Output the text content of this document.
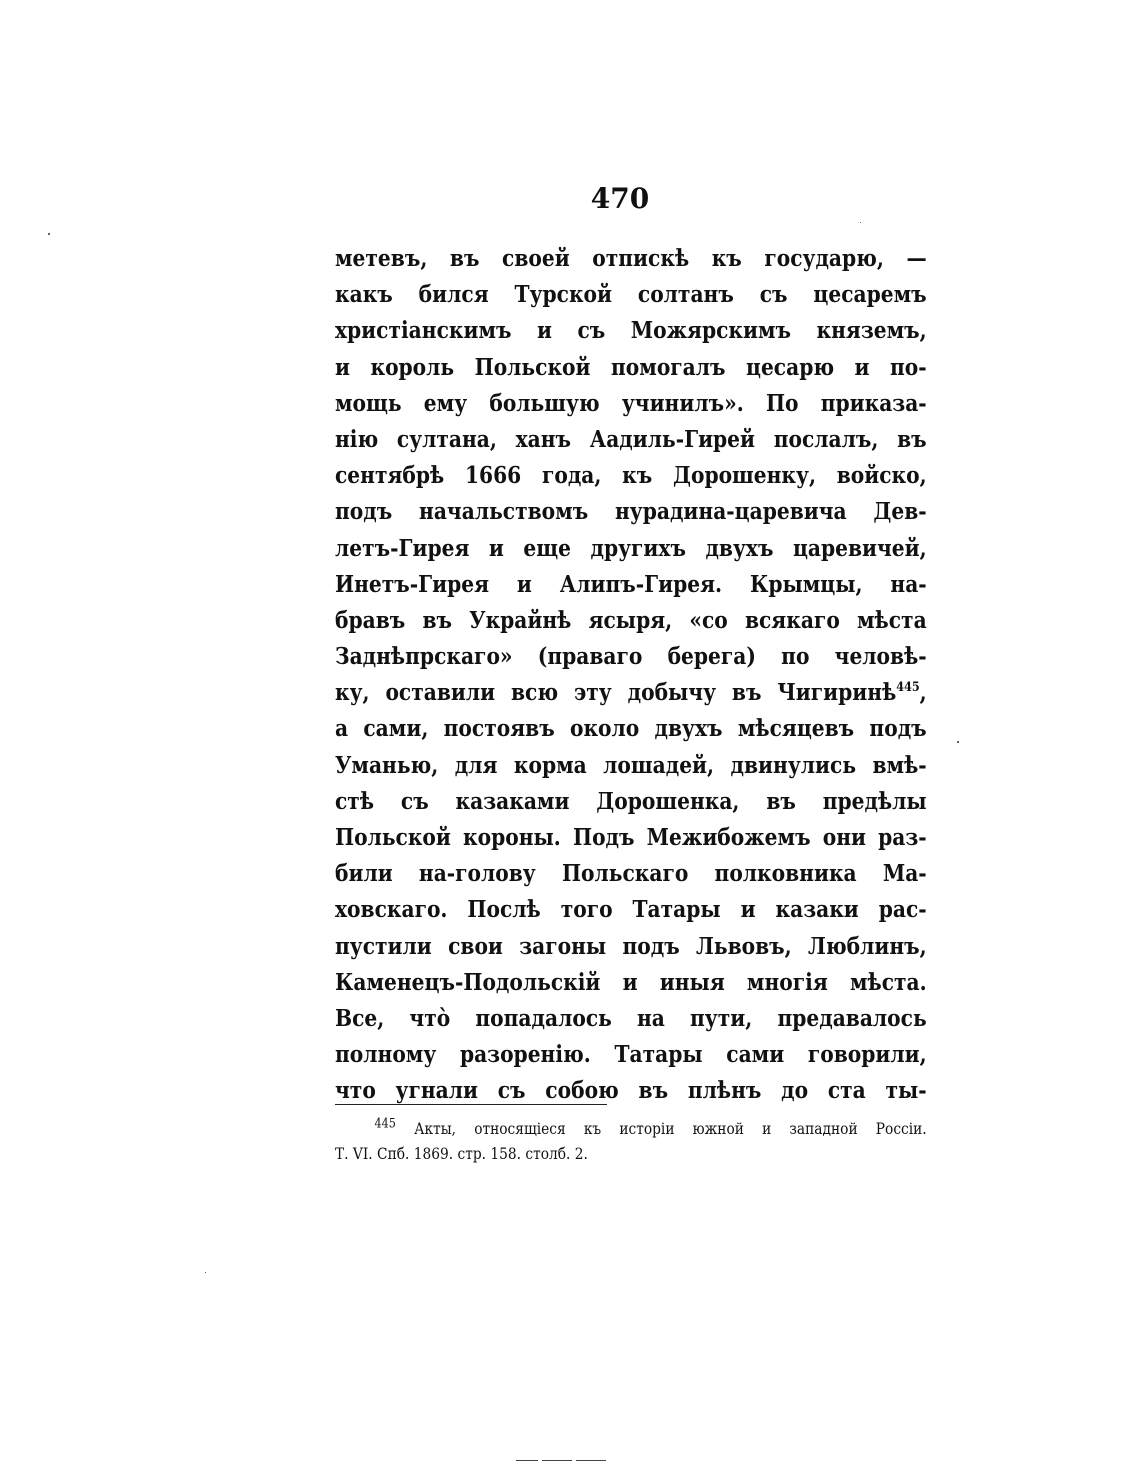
470
метевъ, въ своей отпискѣ къ государю, —
какъ бился Турской солтанъ съ цесаремъ
христіанскимъ и съ Можярскимъ княземъ,
и король Польской помогалъ цесарю и по-
мощь ему большую учинилъ». По приказа-
нію султана, ханъ Аадиль-Гирей послалъ, въ
сентябрѣ 1666 года, къ Дорошенку, войско,
подъ начальствомъ нурадина-царевича Дев-
летъ-Гирея и еще другихъ двухъ царевичей,
Инетъ-Гирея и Алипъ-Гирея. Крымцы, на-
бравъ въ Украйнѣ ясыря, «со всякаго мѣста
Заднѣпрскаго» (праваго берега) по человѣ-
ку, оставили всю эту добычу въ Чигиринѣ$^{445}$,
а сами, постоявъ около двухъ мѣсяцевъ подъ
Уманью, для корма лошадей, двинулись вмѣ-
стѣ съ казаками Дорошенка, въ предѣлы
Польской короны. Подъ Межибожемъ они раз-
били на-голову Польскаго полковника Ма-
ховскаго. Послѣ того Татары и казаки рас-
пустили свои загоны подъ Львовъ, Люблинъ,
Каменецъ-Подольскій и иныя многія мѣста.
Все, чтò попадалось на пути, предавалось
полному разоренію. Татары сами говорили,
что угнали съ собою въ плѣнъ до ста ты-
$^{445}$ Акты, относящіеся къ исторіи южной и западной Россіи.
Т. VI. Спб. 1869. стр. 158. столб. 2.
